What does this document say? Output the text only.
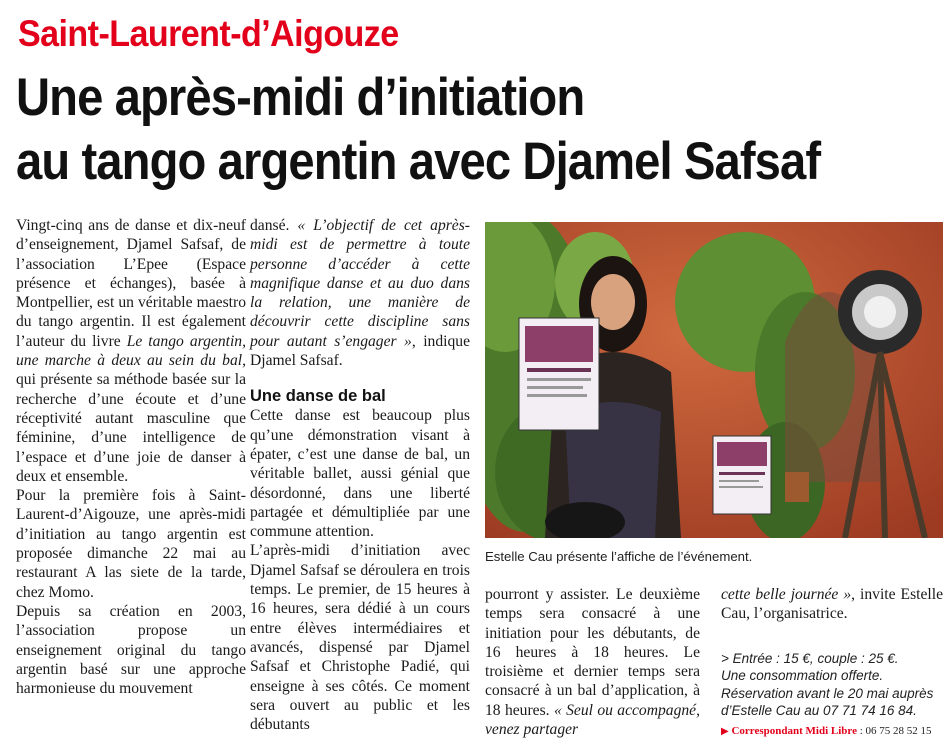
Saint-Laurent-d’Aigouze
Une après-midi d’initiation
au tango argentin avec Djamel Safsaf

Vingt-cinq ans de danse et dix-neuf d’enseignement, Djamel Safsaf, de l’association L’Epee (Espace présence et échanges), basée à Montpellier, est un véritable maestro du tango argentin. Il est également l’auteur du livre Le tango argentin, une marche à deux au sein du bal, qui présente sa méthode basée sur la recherche d’une écoute et d’une réceptivité autant masculine que féminine, d’une intelligence de l’espace et d’une joie de danser à deux et ensemble.

Pour la première fois à Saint-Laurent-d’Aigouze, une après-midi d’initiation au tango argentin est proposée dimanche 22 mai au restaurant A las siete de la tarde, chez Momo.

Depuis sa création en 2003, l’association propose un enseignement original du tango argentin basé sur une approche harmonieuse du mouvement

dansé. « L’objectif de cet après-midi est de permettre à toute personne d’accéder à cette magnifique danse et au duo dans la relation, une manière de découvrir cette discipline sans pour autant s’engager », indique Djamel Safsaf.

Une danse de bal

Cette danse est beaucoup plus qu’une démonstration visant à épater, c’est une danse de bal, un véritable ballet, aussi génial que désordonné, dans une liberté partagée et démultipliée par une commune attention.

L’après-midi d’initiation avec Djamel Safsaf se déroulera en trois temps. Le premier, de 15 heures à 16 heures, sera dédié à un cours entre élèves intermédiaires et avancés, dispensé par Djamel Safsaf et Christophe Padié, qui enseigne à ses côtés. Ce moment sera ouvert au public et les débutants

Estelle Cau présente l’affiche de l’événement.

pourront y assister. Le deuxième temps sera consacré à une initiation pour les débutants, de 16 heures à 18 heures. Le troisième et dernier temps sera consacré à un bal d’application, à 18 heures. « Seul ou accompagné, venez partager

cette belle journée », invite Estelle Cau, l’organisatrice.

> Entrée : 15 €, couple : 25 €.

Une consommation offerte.

Réservation avant le 20 mai auprès

d’Estelle Cau au 07 71 74 16 84.

▶ Correspondant Midi Libre : 06 75 28 52 15
